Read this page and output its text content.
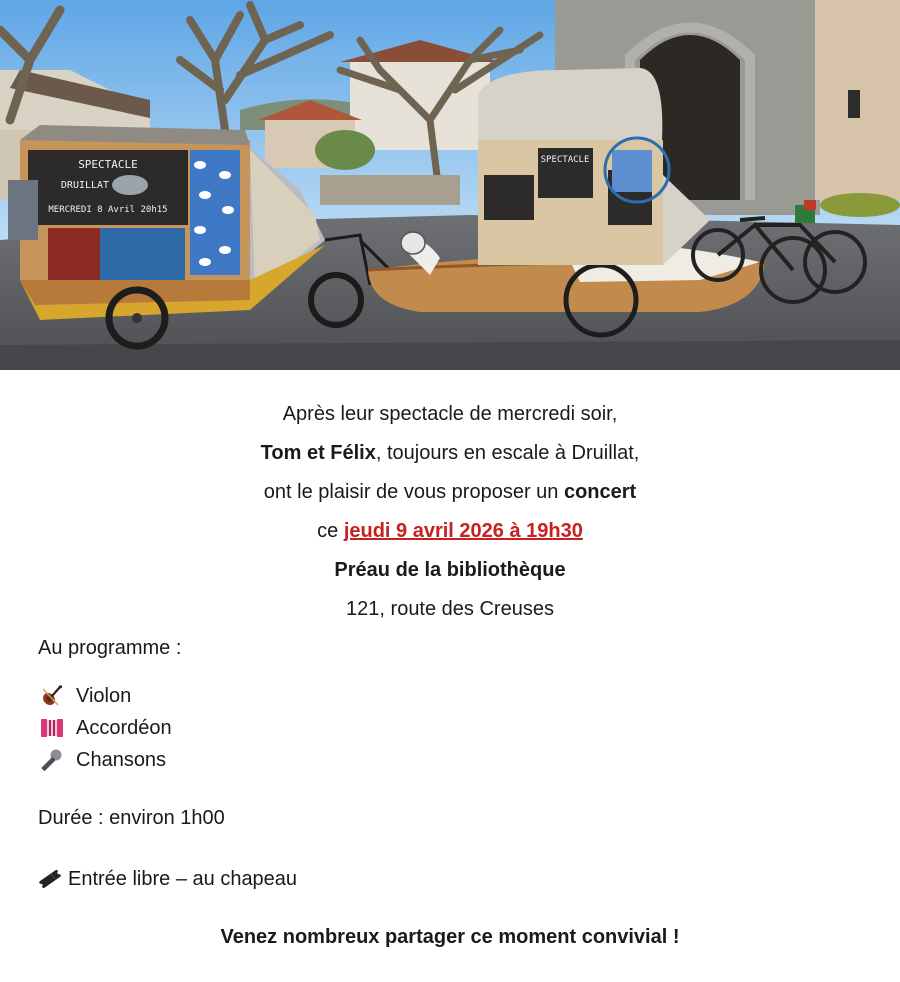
SPECTACLE
DRUILLAT
MERCREDI 8 Avril 20h15
SPECTACLE
Après leur spectacle de mercredi soir,
Tom et Félix, toujours en escale à Druillat,
ont le plaisir de vous proposer un concert
ce jeudi 9 avril 2026 à 19h30
Préau de la bibliothèque
121, route des Creuses
Au programme :
Violon
Accordéon
Chansons
Durée : environ 1h00
Entrée libre – au chapeau
Venez nombreux partager ce moment convivial !
